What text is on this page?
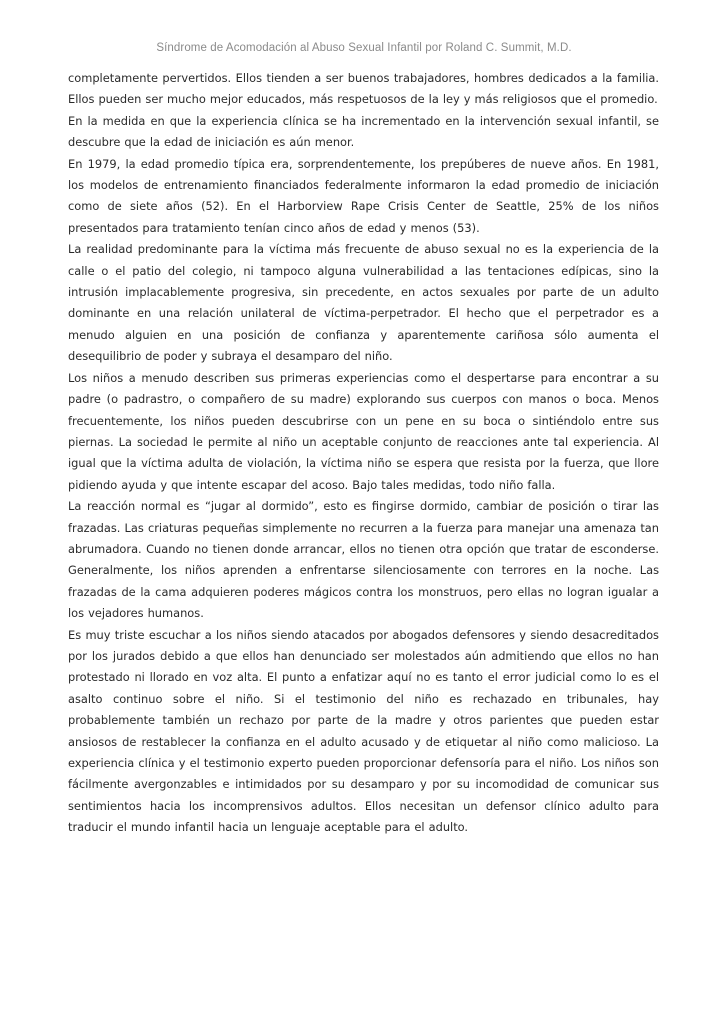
Síndrome de Acomodación al Abuso Sexual Infantil por Roland C. Summit, M.D.

completamente pervertidos. Ellos tienden a ser buenos trabajadores, hombres dedicados a la familia. Ellos pueden ser mucho mejor educados, más respetuosos de la ley y más religiosos que el promedio.

En la medida en que la experiencia clínica se ha incrementado en la intervención sexual infantil, se descubre que la edad de iniciación es aún menor.

En 1979, la edad promedio típica era, sorprendentemente, los prepúberes de nueve años. En 1981, los modelos de entrenamiento financiados federalmente informaron la edad promedio de iniciación como de siete años (52). En el Harborview Rape Crisis Center de Seattle, 25% de los niños presentados para tratamiento tenían cinco años de edad y menos (53).

La realidad predominante para la víctima más frecuente de abuso sexual no es la experiencia de la calle o el patio del colegio, ni tampoco alguna vulnerabilidad a las tentaciones edípicas, sino la intrusión implacablemente progresiva, sin precedente, en actos sexuales por parte de un adulto dominante en una relación unilateral de víctima-perpetrador. El hecho que el perpetrador es a menudo alguien en una posición de confianza y aparentemente cariñosa sólo aumenta el desequilibrio de poder y subraya el desamparo del niño.

Los niños a menudo describen sus primeras experiencias como el despertarse para encontrar a su padre (o padrastro, o compañero de su madre) explorando sus cuerpos con manos o boca. Menos frecuentemente, los niños pueden descubrirse con un pene en su boca o sintiéndolo entre sus piernas. La sociedad le permite al niño un aceptable conjunto de reacciones ante tal experiencia. Al igual que la víctima adulta de violación, la víctima niño se espera que resista por la fuerza, que llore pidiendo ayuda y que intente escapar del acoso. Bajo tales medidas, todo niño falla.

La reacción normal es “jugar al dormido”, esto es fingirse dormido, cambiar de posición o tirar las frazadas. Las criaturas pequeñas simplemente no recurren a la fuerza para manejar una amenaza tan abrumadora. Cuando no tienen donde arrancar, ellos no tienen otra opción que tratar de esconderse. Generalmente, los niños aprenden a enfrentarse silenciosamente con terrores en la noche. Las frazadas de la cama adquieren poderes mágicos contra los monstruos, pero ellas no logran igualar a los vejadores humanos.

Es muy triste escuchar a los niños siendo atacados por abogados defensores y siendo desacreditados por los jurados debido a que ellos han denunciado ser molestados aún admitiendo que ellos no han protestado ni llorado en voz alta. El punto a enfatizar aquí no es tanto el error judicial como lo es el asalto continuo sobre el niño. Si el testimonio del niño es rechazado en tribunales, hay probablemente también un rechazo por parte de la madre y otros parientes que pueden estar ansiosos de restablecer la confianza en el adulto acusado y de etiquetar al niño como malicioso. La experiencia clínica y el testimonio experto pueden proporcionar defensoría para el niño. Los niños son fácilmente avergonzables e intimidados por su desamparo y por su incomodidad de comunicar sus sentimientos hacia los incomprensivos adultos. Ellos necesitan un defensor clínico adulto para traducir el mundo infantil hacia un lenguaje aceptable para el adulto.
